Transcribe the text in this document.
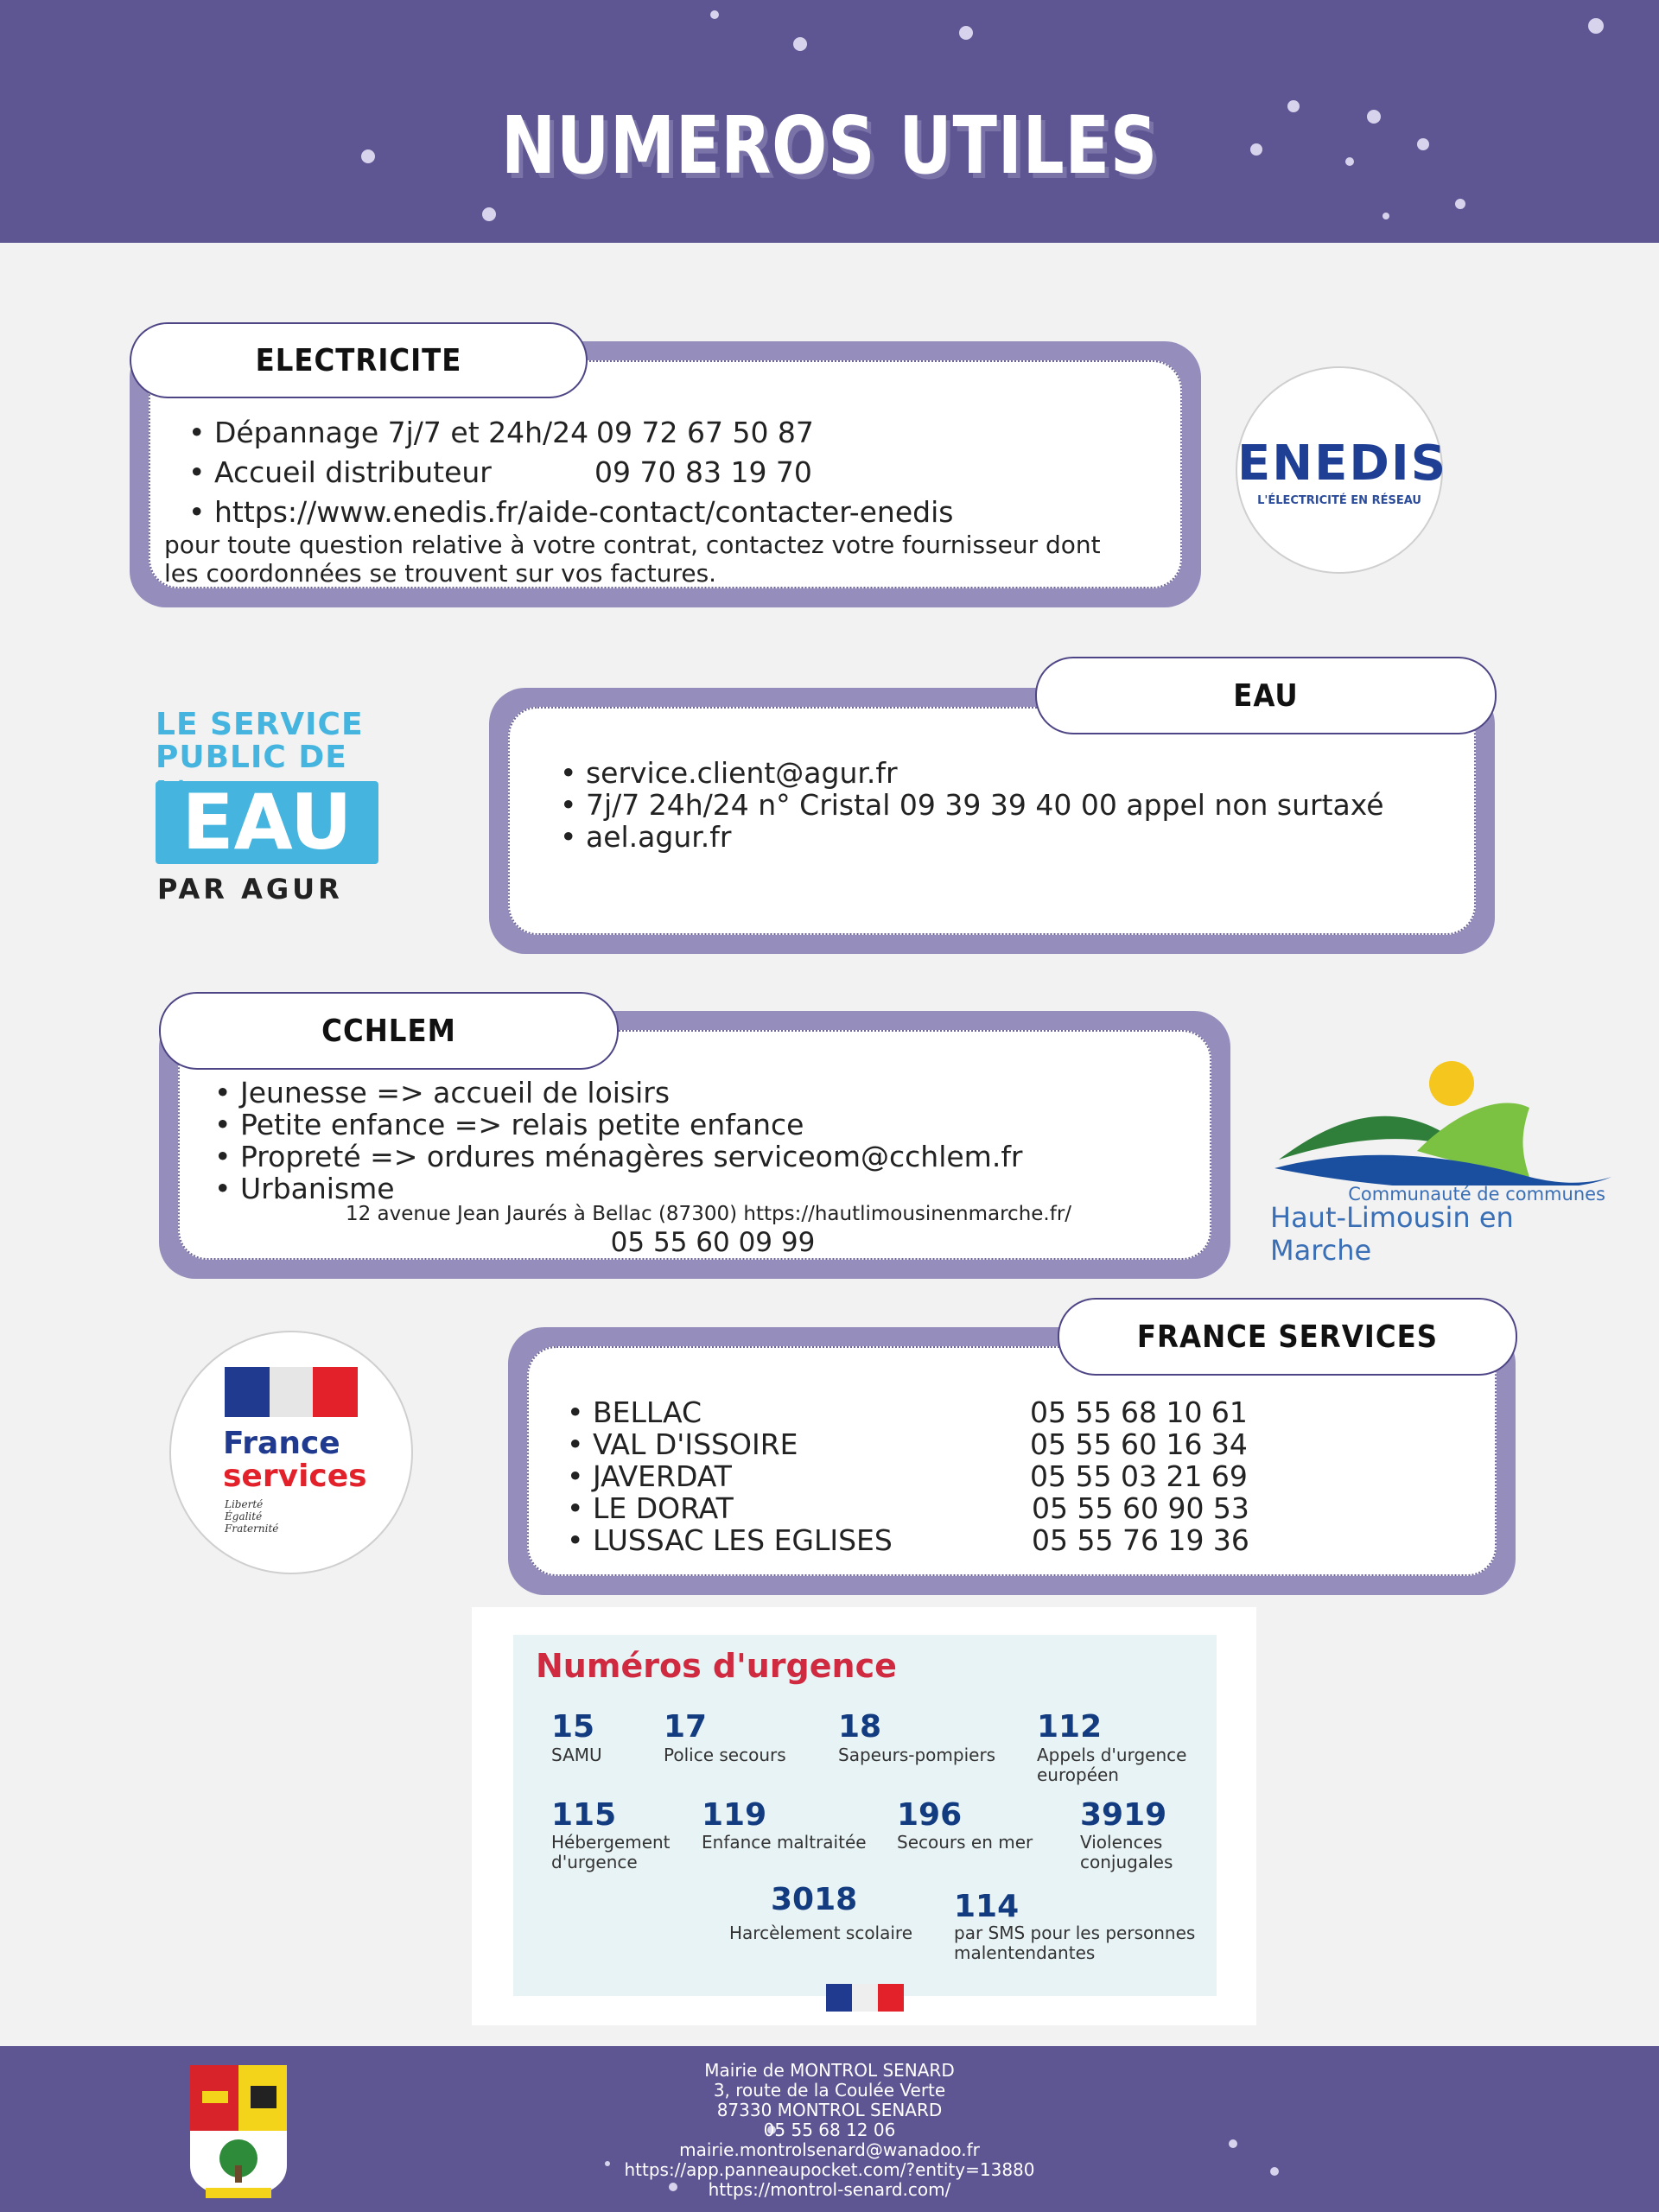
NUMEROS UTILES
ELECTRICITE
• Dépannage 7j/7 et 24h/24 09 72 67 50 87
• Accueil distributeur	09 70 83 19 70
• https://www.enedis.fr/aide-contact/contacter-enedis
pour toute question relative à votre contrat, contactez votre fournisseur dont
les coordonnées se trouvent sur vos factures.
ENEDIS
L'ÉLECTRICITÉ EN RÉSEAU
EAU
• service.client@agur.fr
• 7j/7 24h/24 n° Cristal 09 39 39 40 00 appel non surtaxé
• ael.agur.fr
LE SERVICE
PUBLIC DE
EAU
PAR AGUR
CCHLEM
• Jeunesse => accueil de loisirs
• Petite enfance => relais petite enfance
• Propreté => ordures ménagères serviceom@cchlem.fr
• Urbanisme
12 avenue Jean Jaurés à Bellac (87300) https://hautlimousinenmarche.fr/
05 55 60 09 99
Communauté de communes
Haut-Limousin en Marche
FRANCE SERVICES
• BELLAC	05 55 68 10 61
• VAL D'ISSOIRE	05 55 60 16 34
• JAVERDAT	05 55 03 21 69
• LE DORAT	05 55 60 90 53
• LUSSAC LES EGLISES	05 55 76 19 36
France
services
Liberté
Égalité
Fraternité
Numéros d'urgence
15
SAMU
17
Police secours
18
Sapeurs-pompiers
112
Appels d'urgence
européen
115
Hébergement
d'urgence
119
Enfance maltraitée
196
Secours en mer
3919
Violences
conjugales
3018
Harcèlement scolaire
114
par SMS pour les personnes
malentendantes
Mairie de MONTROL SENARD
3, route de la Coulée Verte
87330 MONTROL SENARD
05 55 68 12 06
mairie.montrolsenard@wanadoo.fr
https://app.panneaupocket.com/?entity=13880
https://montrol-senard.com/
